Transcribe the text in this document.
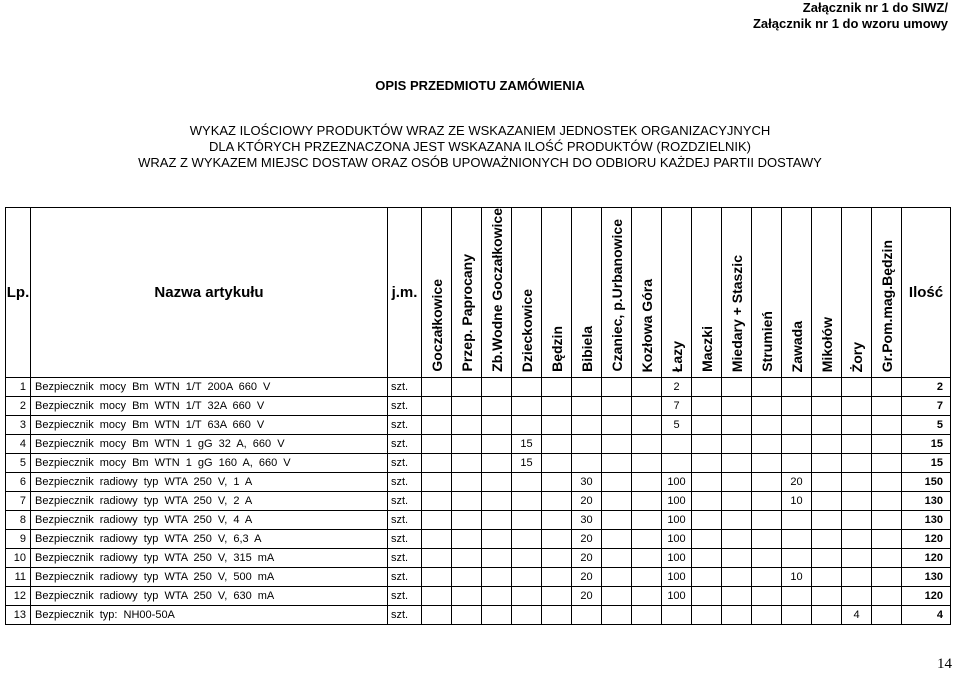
Załącznik nr 1 do SIWZ/
Załącznik nr 1 do wzoru umowy
OPIS PRZEDMIOTU ZAMÓWIENIA
WYKAZ ILOŚCIOWY PRODUKTÓW WRAZ ZE WSKAZANIEM JEDNOSTEK ORGANIZACYJNYCH
DLA KTÓRYCH PRZEZNACZONA JEST WSKAZANA ILOŚĆ PRODUKTÓW (ROZDZIELNIK)
WRAZ Z WYKAZEM MIEJSC DOSTAW ORAZ OSÓB UPOWAŻNIONYCH DO ODBIORU KAŻDEJ PARTII DOSTAWY
Lp.	Nazwa artykułu	j.m.	Goczałkowice	Przep. Paprocany	Zb.Wodne Goczałkowice	Dzieckowice	Będzin	Bibiela	Czaniec, p.Urbanowice	Kozłowa Góra	Łazy	Maczki	Miedary + Staszic	Strumień	Zawada	Mikołów	Żory	Gr.Pom.mag.Będzin	Ilość
1	Bezpiecznik mocy Bm WTN 1/T 200A 660 V	szt.									2								2
2	Bezpiecznik mocy Bm WTN 1/T 32A 660 V	szt.									7								7
3	Bezpiecznik mocy Bm WTN 1/T 63A 660 V	szt.									5								5
4	Bezpiecznik mocy Bm WTN 1 gG 32 A, 660 V	szt.				15													15
5	Bezpiecznik mocy Bm WTN 1 gG 160 A, 660 V	szt.				15													15
6	Bezpiecznik radiowy typ WTA 250 V, 1 A	szt.						30			100				20				150
7	Bezpiecznik radiowy typ WTA 250 V, 2 A	szt.						20			100				10				130
8	Bezpiecznik radiowy typ WTA 250 V, 4 A	szt.						30			100								130
9	Bezpiecznik radiowy typ WTA 250 V, 6,3 A	szt.						20			100								120
10	Bezpiecznik radiowy typ WTA 250 V, 315 mA	szt.						20			100								120
11	Bezpiecznik radiowy typ WTA 250 V, 500 mA	szt.						20			100				10				130
12	Bezpiecznik radiowy typ WTA 250 V, 630 mA	szt.						20			100								120
13	Bezpiecznik typ: NH00-50A	szt.															4		4
14
